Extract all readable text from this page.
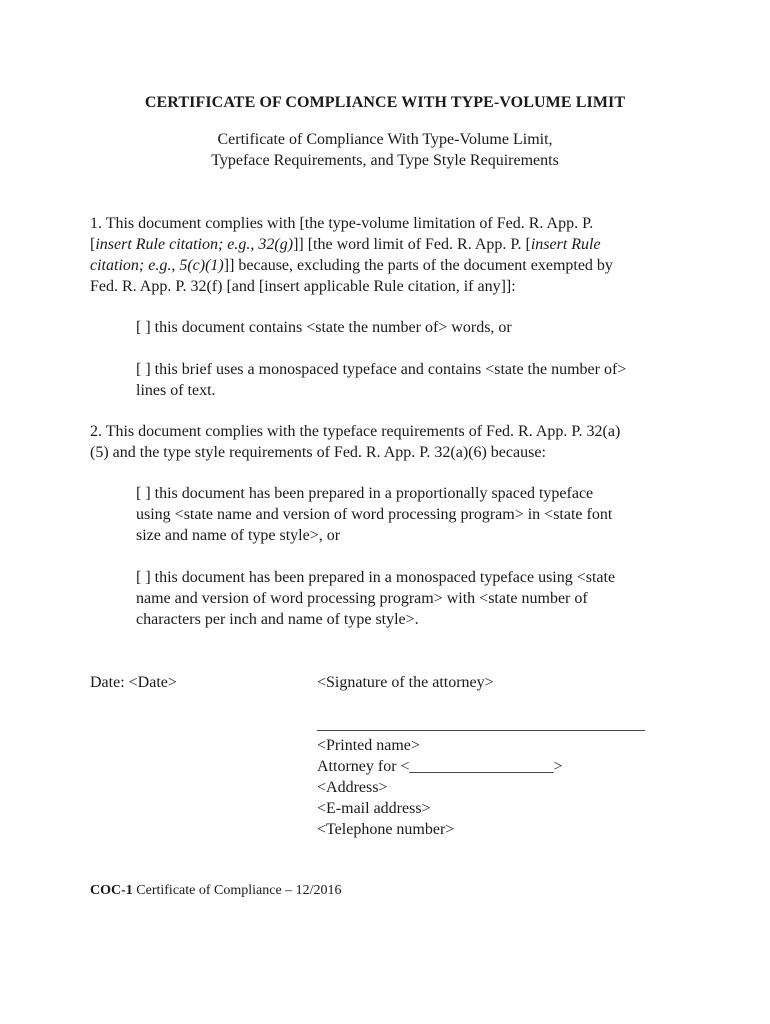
CERTIFICATE OF COMPLIANCE WITH TYPE-VOLUME LIMIT
Certificate of Compliance With Type-Volume Limit,
Typeface Requirements, and Type Style Requirements
1. This document complies with [the type-volume limitation of Fed. R. App. P.
[insert Rule citation; e.g., 32(g)]] [the word limit of Fed. R. App. P. [insert Rule
citation; e.g., 5(c)(1)]] because, excluding the parts of the document exempted by
Fed. R. App. P. 32(f) [and [insert applicable Rule citation, if any]]:
[ ] this document contains <state the number of> words, or
[ ] this brief uses a monospaced typeface and contains <state the number of>
lines of text.
2. This document complies with the typeface requirements of Fed. R. App. P. 32(a)
(5) and the type style requirements of Fed. R. App. P. 32(a)(6) because:
[ ] this document has been prepared in a proportionally spaced typeface
using <state name and version of word processing program> in <state font
size and name of type style>, or
[ ] this document has been prepared in a monospaced typeface using <state
name and version of word processing program> with <state number of
characters per inch and name of type style>.
Date: <Date>	<Signature of the attorney>
_________________________________________
<Printed name>
Attorney for <__________________>
<Address>
<E-mail address>
<Telephone number>
COC-1 Certificate of Compliance – 12/2016
